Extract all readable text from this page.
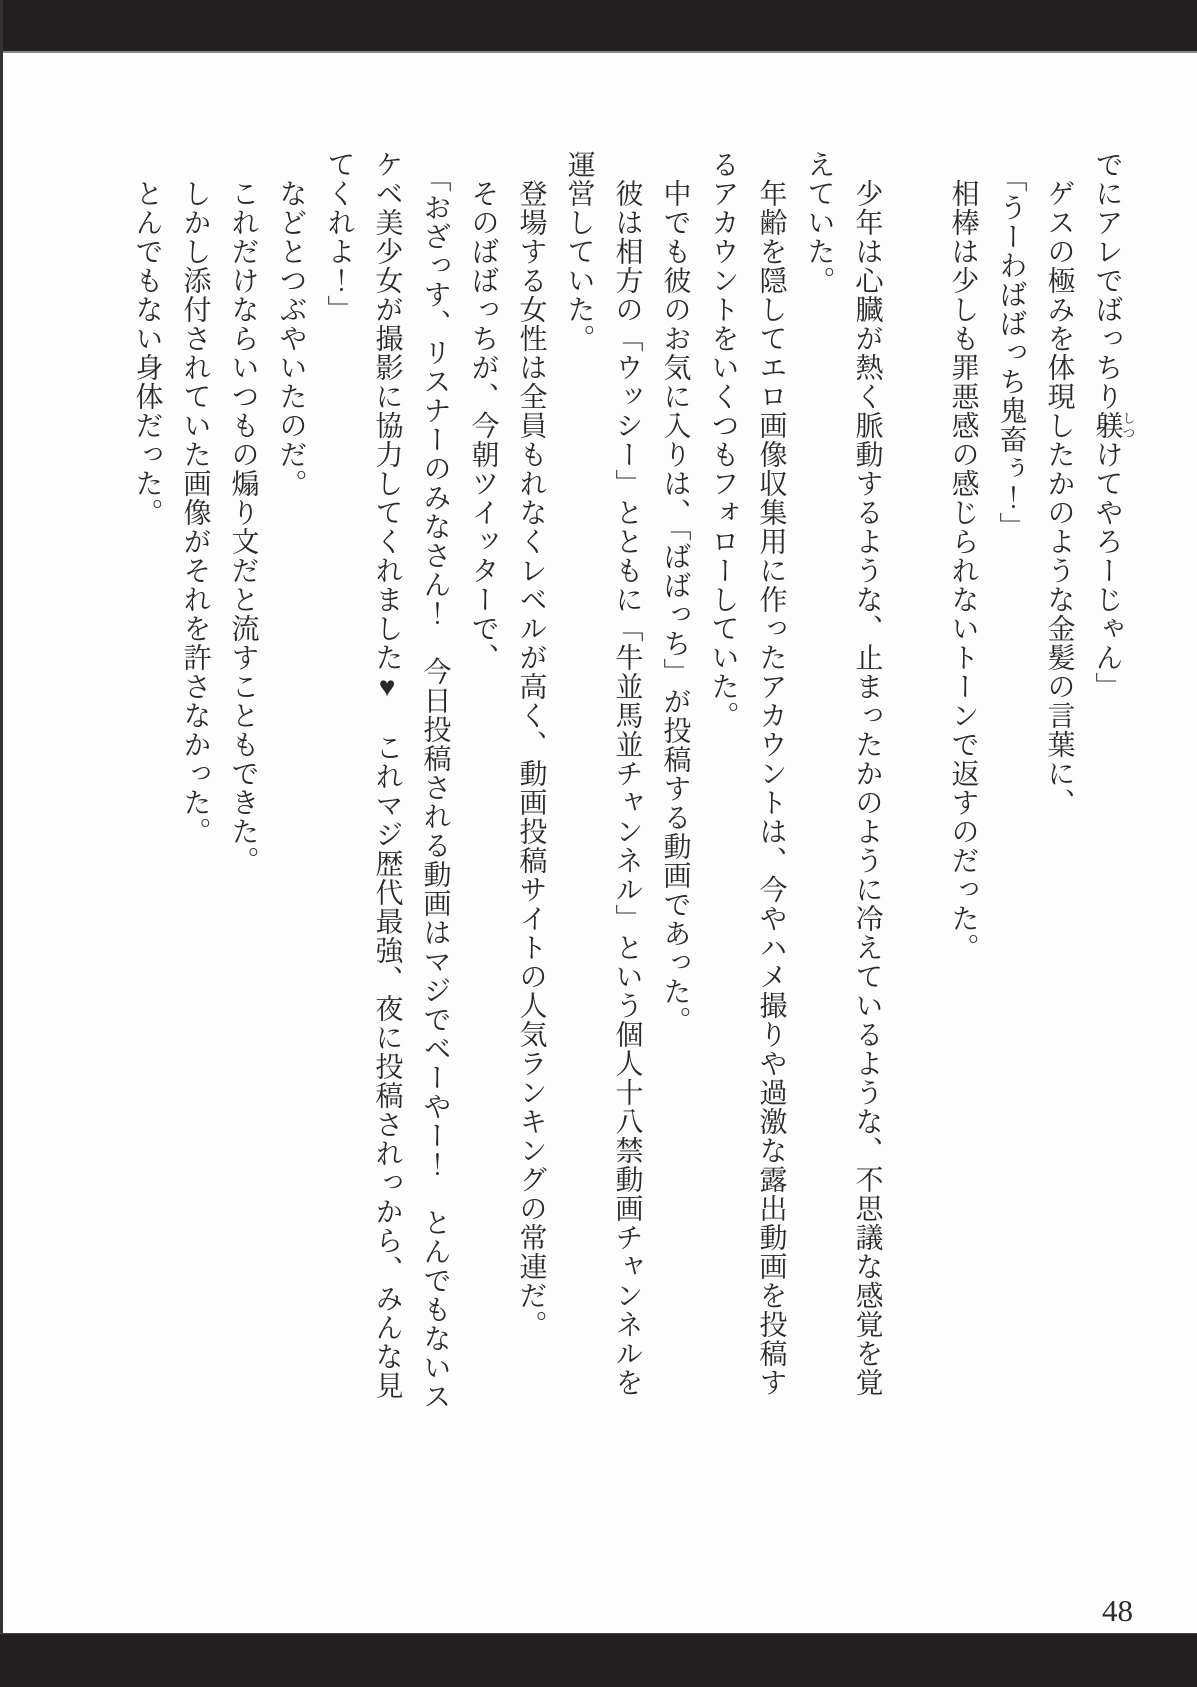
でにアレでばっちり躾しつけてやろーじゃん」
　ゲスの極みを体現したかのような金髪の言葉に、
「うーわばばっち鬼畜ぅ！」
　相棒は少しも罪悪感の感じられないトーンで返すのだった。

　少年は心臓が熱く脈動するような、止まったかのように冷えているような、不思議な感覚を覚
えていた。
　年齢を隠してエロ画像収集用に作ったアカウントは、今やハメ撮りや過激な露出動画を投稿す
るアカウントをいくつもフォローしていた。
　中でも彼のお気に入りは、「ばばっち」が投稿する動画であった。
　彼は相方の「ウッシー」とともに「牛並馬並チャンネル」という個人十八禁動画チャンネルを
運営していた。
　登場する女性は全員もれなくレベルが高く、動画投稿サイトの人気ランキングの常連だ。
　そのばばっちが、今朝ツイッターで、
「おざっす、リスナーのみなさん！　今日投稿される動画はマジでベーやー！　とんでもないス
ケベ美少女が撮影に協力してくれました♥　これマジ歴代最強、夜に投稿されっから、みんな見
てくれよ！」
　などとつぶやいたのだ。
　これだけならいつもの煽り文だと流すこともできた。
　しかし添付されていた画像がそれを許さなかった。
　とんでもない身体だった。
48
